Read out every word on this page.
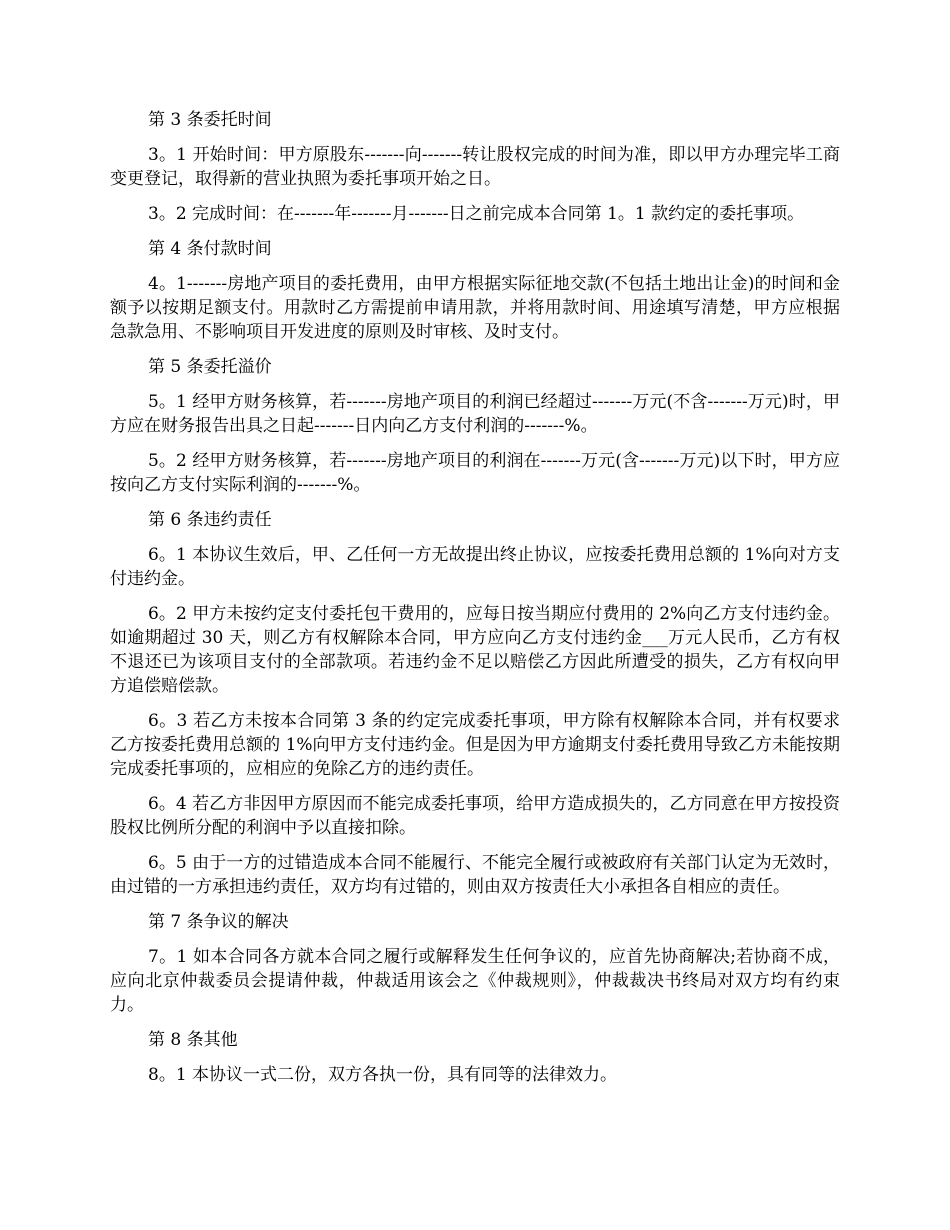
第 3 条委托时间

3。1 开始时间：甲方原股东-------向-------转让股权完成的时间为准，即以甲方办理完毕工商变更登记，取得新的营业执照为委托事项开始之日。

3。2 完成时间：在-------年-------月-------日之前完成本合同第 1。1 款约定的委托事项。

第 4 条付款时间

4。1-------房地产项目的委托费用，由甲方根据实际征地交款(不包括土地出让金)的时间和金额予以按期足额支付。用款时乙方需提前申请用款，并将用款时间、用途填写清楚，甲方应根据急款急用、不影响项目开发进度的原则及时审核、及时支付。

第 5 条委托溢价

5。1 经甲方财务核算，若-------房地产项目的利润已经超过-------万元(不含-------万元)时，甲方应在财务报告出具之日起-------日内向乙方支付利润的-------%。

5。2 经甲方财务核算，若-------房地产项目的利润在-------万元(含-------万元)以下时，甲方应按向乙方支付实际利润的-------%。

第 6 条违约责任

6。1 本协议生效后，甲、乙任何一方无故提出终止协议，应按委托费用总额的 1%向对方支付违约金。

6。2 甲方未按约定支付委托包干费用的，应每日按当期应付费用的 2%向乙方支付违约金。如逾期超过 30 天，则乙方有权解除本合同，甲方应向乙方支付违约金___万元人民币，乙方有权不退还已为该项目支付的全部款项。若违约金不足以赔偿乙方因此所遭受的损失，乙方有权向甲方追偿赔偿款。

6。3 若乙方未按本合同第 3 条的约定完成委托事项，甲方除有权解除本合同，并有权要求乙方按委托费用总额的 1%向甲方支付违约金。但是因为甲方逾期支付委托费用导致乙方未能按期完成委托事项的，应相应的免除乙方的违约责任。

6。4 若乙方非因甲方原因而不能完成委托事项，给甲方造成损失的，乙方同意在甲方按投资股权比例所分配的利润中予以直接扣除。

6。5 由于一方的过错造成本合同不能履行、不能完全履行或被政府有关部门认定为无效时，由过错的一方承担违约责任，双方均有过错的，则由双方按责任大小承担各自相应的责任。

第 7 条争议的解决

7。1 如本合同各方就本合同之履行或解释发生任何争议的，应首先协商解决;若协商不成，应向北京仲裁委员会提请仲裁，仲裁适用该会之《仲裁规则》，仲裁裁决书终局对双方均有约束力。

第 8 条其他

8。1 本协议一式二份，双方各执一份，具有同等的法律效力。
